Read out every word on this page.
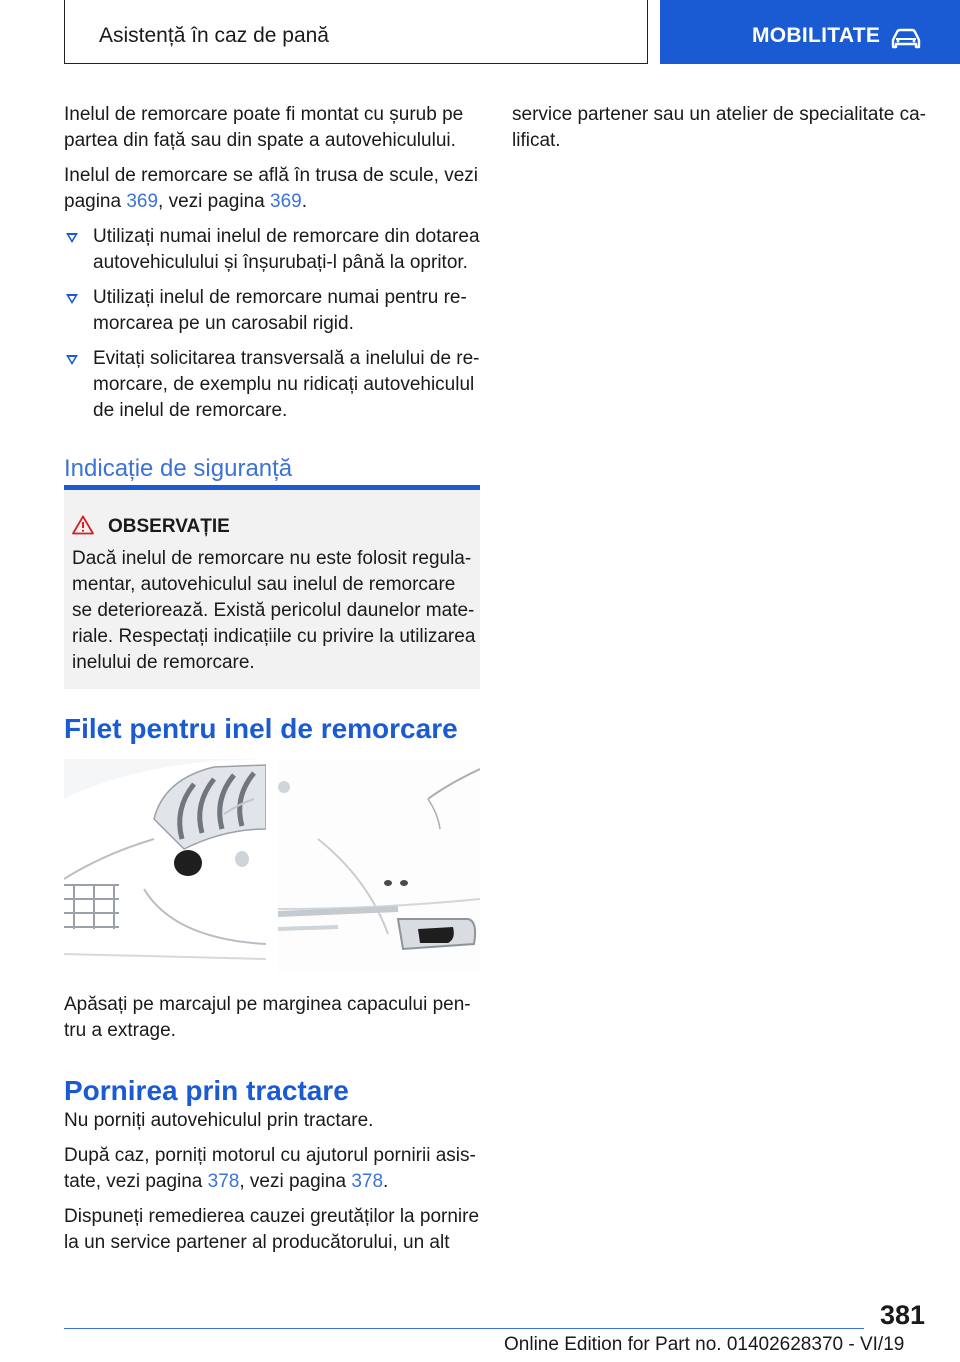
Asistență în caz de pană	MOBILITATE

Inelul de remorcare poate fi montat cu șurub pe partea din față sau din spate a autovehiculului.

Inelul de remorcare se află în trusa de scule, vezi pagina 369, vezi pagina 369.

Utilizați numai inelul de remorcare din dotarea autovehiculului și înșurubați-l până la opritor.
Utilizați inelul de remorcare numai pentru re-morcarea pe un carosabil rigid.
Evitați solicitarea transversală a inelului de re-morcare, de exemplu nu ridicați autovehiculul de inelul de remorcare.
Indicație de siguranță
OBSERVAȚIE
Dacă inelul de remorcare nu este folosit regula-mentar, autovehiculul sau inelul de remorcare se deteriorează. Există pericolul daunelor mate-riale. Respectați indicațiile cu privire la utilizarea inelului de remorcare.
Filet pentru inel de remorcare

Apăsați pe marcajul pe marginea capacului pen-tru a extrage.

Pornirea prin tractare

Nu porniți autovehiculul prin tractare.

După caz, porniți motorul cu ajutorul pornirii asis-tate, vezi pagina 378, vezi pagina 378.

Dispuneți remedierea cauzei greutăților la pornire la un service partener al producătorului, un alt

service partener sau un atelier de specialitate ca-lificat.

381
Online Edition for Part no. 01402628370 - VI/19
